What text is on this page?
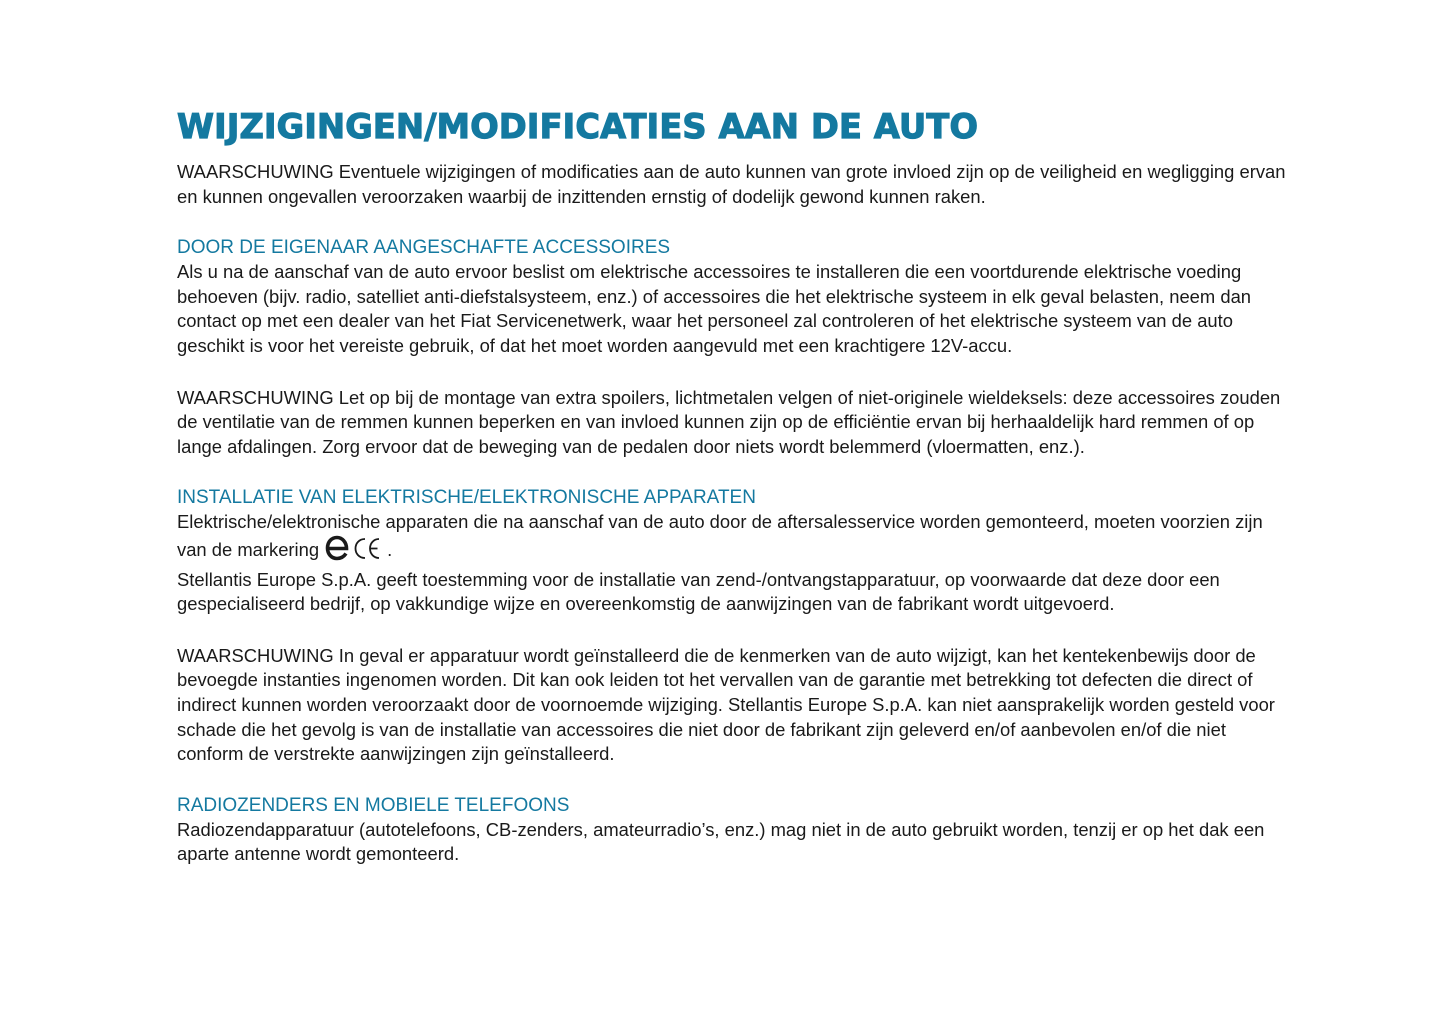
WIJZIGINGEN/MODIFICATIES AAN DE AUTO

WAARSCHUWING Eventuele wijzigingen of modificaties aan de auto kunnen van grote invloed zijn op de veiligheid en wegligging ervan en kunnen ongevallen veroorzaken waarbij de inzittenden ernstig of dodelijk gewond kunnen raken.

DOOR DE EIGENAAR AANGESCHAFTE ACCESSOIRES

Als u na de aanschaf van de auto ervoor beslist om elektrische accessoires te installeren die een voortdurende elektrische voeding behoeven (bijv. radio, satelliet anti-diefstalsysteem, enz.) of accessoires die het elektrische systeem in elk geval belasten, neem dan contact op met een dealer van het Fiat Servicenetwerk, waar het personeel zal controleren of het elektrische systeem van de auto geschikt is voor het vereiste gebruik, of dat het moet worden aangevuld met een krachtigere 12V-accu.

WAARSCHUWING Let op bij de montage van extra spoilers, lichtmetalen velgen of niet-originele wieldeksels: deze accessoires zouden de ventilatie van de remmen kunnen beperken en van invloed kunnen zijn op de efficiëntie ervan bij herhaaldelijk hard remmen of op lange afdalingen. Zorg ervoor dat de beweging van de pedalen door niets wordt belemmerd (vloermatten, enz.).

INSTALLATIE VAN ELEKTRISCHE/ELEKTRONISCHE APPARATEN

Elektrische/elektronische apparaten die na aanschaf van de auto door de aftersalesservice worden gemonteerd, moeten voorzien zijn van de markering	.

Stellantis Europe S.p.A. geeft toestemming voor de installatie van zend-/ontvangstapparatuur, op voorwaarde dat deze door een gespecialiseerd bedrijf, op vakkundige wijze en overeenkomstig de aanwijzingen van de fabrikant wordt uitgevoerd.

WAARSCHUWING In geval er apparatuur wordt geïnstalleerd die de kenmerken van de auto wijzigt, kan het kentekenbewijs door de bevoegde instanties ingenomen worden. Dit kan ook leiden tot het vervallen van de garantie met betrekking tot defecten die direct of indirect kunnen worden veroorzaakt door de voornoemde wijziging. Stellantis Europe S.p.A. kan niet aansprakelijk worden gesteld voor schade die het gevolg is van de installatie van accessoires die niet door de fabrikant zijn geleverd en/of aanbevolen en/of die niet conform de verstrekte aanwijzingen zijn geïnstalleerd.

RADIOZENDERS EN MOBIELE TELEFOONS

Radiozendapparatuur (autotelefoons, CB-zenders, amateurradio’s, enz.) mag niet in de auto gebruikt worden, tenzij er op het dak een aparte antenne wordt gemonteerd.
